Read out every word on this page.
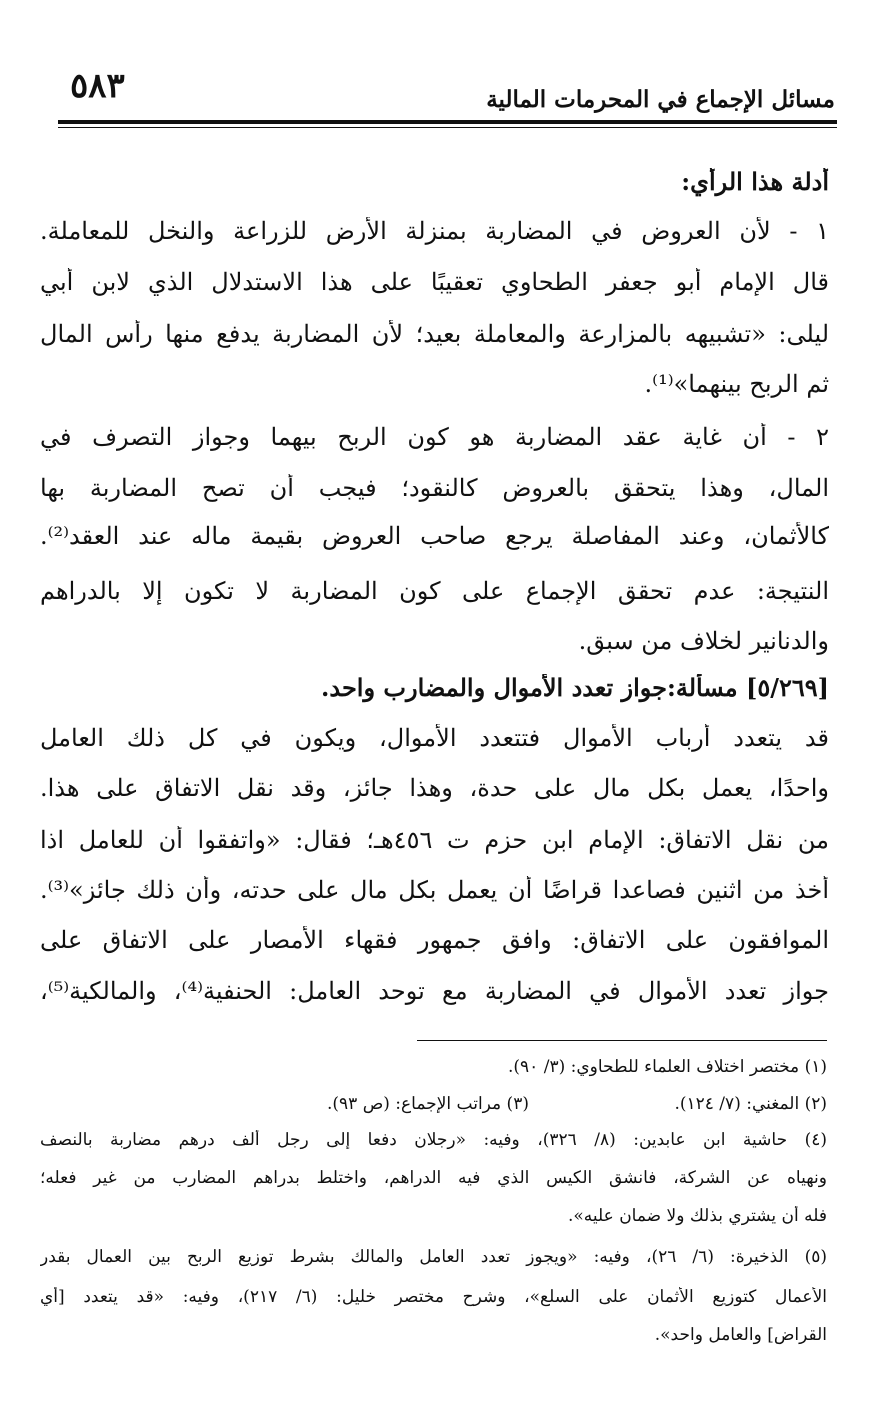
٥٨٣	مسائل الإجماع في المحرمات المالية
أدلة هذا الرأي:
١ - لأن العروض في المضاربة بمنزلة الأرض للزراعة والنخل للمعاملة.
قال الإمام أبو جعفر الطحاوي تعقيبًا على هذا الاستدلال الذي لابن أبي
ليلى: «تشبيهه بالمزارعة والمعاملة بعيد؛ لأن المضاربة يدفع منها رأس المال
ثم الربح بينهما»⁽¹⁾.
٢ - أن غاية عقد المضاربة هو كون الربح بيهما وجواز التصرف في
المال، وهذا يتحقق بالعروض كالنقود؛ فيجب أن تصح المضاربة بها
كالأثمان، وعند المفاصلة يرجع صاحب العروض بقيمة ماله عند العقد⁽²⁾.
النتيجة: عدم تحقق الإجماع على كون المضاربة لا تكون إلا بالدراهم
والدنانير لخلاف من سبق.
[٥/٢٦٩] مسألة:جواز تعدد الأموال والمضارب واحد.
قد يتعدد أرباب الأموال فتتعدد الأموال، ويكون في كل ذلك العامل
واحدًا، يعمل بكل مال على حدة، وهذا جائز، وقد نقل الاتفاق على هذا.
من نقل الاتفاق: الإمام ابن حزم ت ٤٥٦هـ؛ فقال: «واتفقوا أن للعامل اذا
أخذ من اثنين فصاعدا قراضًا أن يعمل بكل مال على حدته، وأن ذلك جائز»⁽³⁾.
الموافقون على الاتفاق: وافق جمهور فقهاء الأمصار على الاتفاق على
جواز تعدد الأموال في المضاربة مع توحد العامل: الحنفية⁽⁴⁾، والمالكية⁽⁵⁾،
(١) مختصر اختلاف العلماء للطحاوي: (٣/ ٩٠).
(٢) المغني: (٧/ ١٢٤).
(٣) مراتب الإجماع: (ص ٩٣).
(٤) حاشية ابن عابدين: (٨/ ٣٢٦)، وفيه: «رجلان دفعا إلى رجل ألف درهم مضاربة بالنصف
ونهياه عن الشركة، فانشق الكيس الذي فيه الدراهم، واختلط بدراهم المضارب من غير فعله؛
فله أن يشتري بذلك ولا ضمان عليه».
(٥) الذخيرة: (٦/ ٢٦)، وفيه: «ويجوز تعدد العامل والمالك بشرط توزيع الربح بين العمال بقدر
الأعمال كتوزيع الأثمان على السلع»، وشرح مختصر خليل: (٦/ ٢١٧)، وفيه: «قد يتعدد [أي
القراض] والعامل واحد».
